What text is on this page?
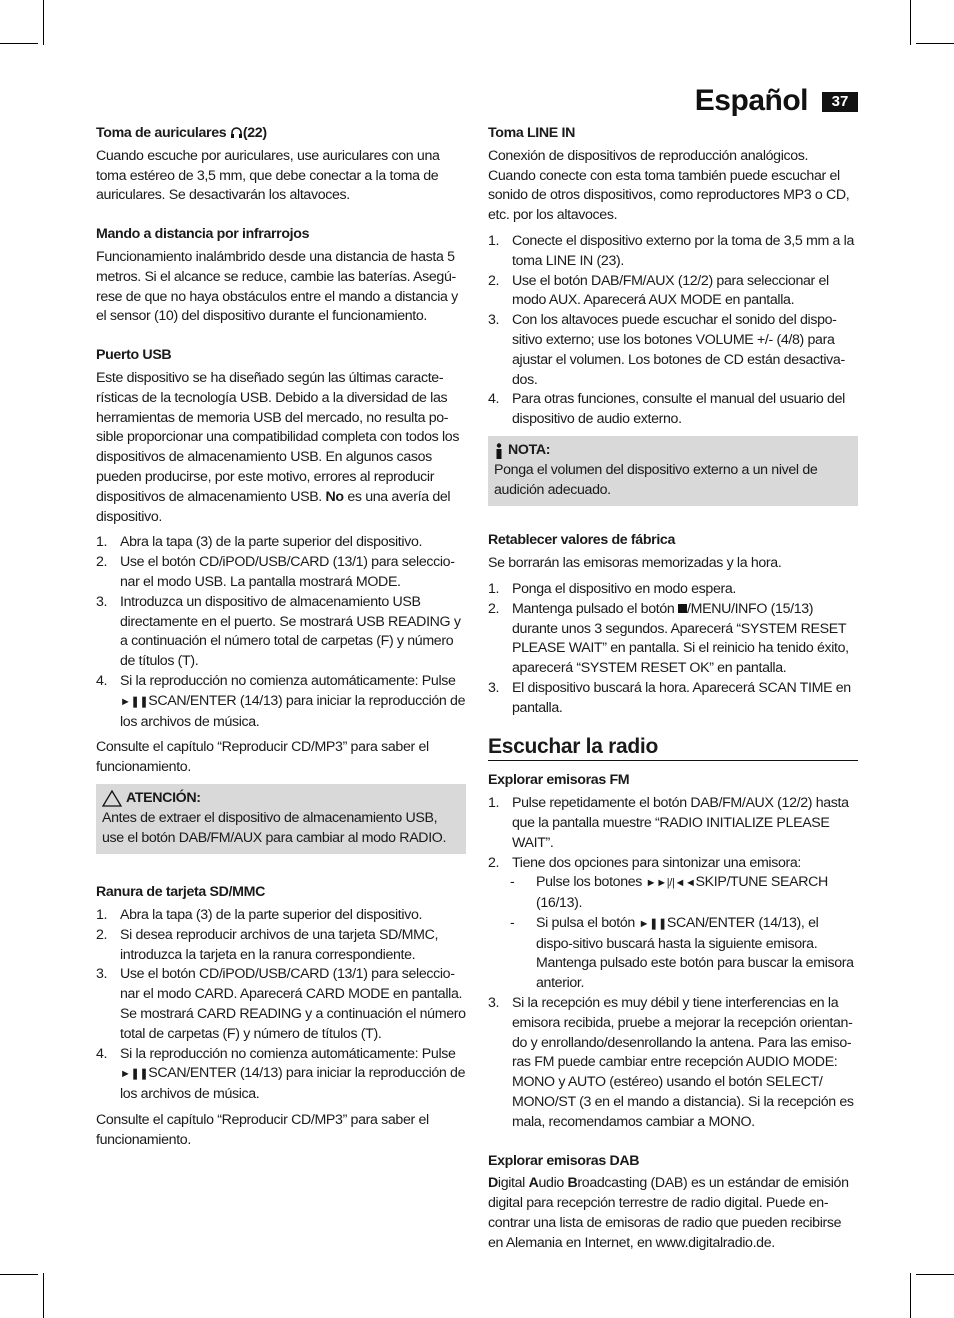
Español	37
Toma de auriculares (22)

Cuando escuche por auriculares, use auriculares con una toma estéreo de 3,5 mm, que debe conectar a la toma de auriculares. Se desactivarán los altavoces.

Mando a distancia por infrarrojos

Funcionamiento inalámbrido desde una distancia de hasta 5 metros. Si el alcance se reduce, cambie las baterías. Asegú-rese de que no haya obstáculos entre el mando a distancia y el sensor (10) del dispositivo durante el funcionamiento.

Puerto USB

Este dispositivo se ha diseñado según las últimas caracte-rísticas de la tecnología USB. Debido a la diversidad de las herramientas de memoria USB del mercado, no resulta po-sible proporcionar una compatibilidad completa con todos los dispositivos de almacenamiento USB. En algunos casos pueden producirse, por este motivo, errores al reproducir dispositivos de almacenamiento USB. No es una avería del dispositivo.

1. Abra la tapa (3) de la parte superior del dispositivo.
2. Use el botón CD/iPOD/USB/CARD (13/1) para seleccio-nar el modo USB. La pantalla mostrará MODE.
3. Introduzca un dispositivo de almacenamiento USB directamente en el puerto. Se mostrará USB READING y a continuación el número total de carpetas (F) y número de títulos (T).
4. Si la reproducción no comienza automáticamente: Pulse
►❚❚SCAN/ENTER (14/13) para iniciar la reproducción de los archivos de música.

Consulte el capítulo “Reproducir CD/MP3” para saber el funcionamiento.

ATENCIÓN:

Antes de extraer el dispositivo de almacenamiento USB, use el botón DAB/FM/AUX para cambiar al modo RADIO.

Ranura de tarjeta SD/MMC
1. Abra la tapa (3) de la parte superior del dispositivo.
2. Si desea reproducir archivos de una tarjeta SD/MMC, introduzca la tarjeta en la ranura correspondiente.
3. Use el botón CD/iPOD/USB/CARD (13/1) para seleccio-nar el modo CARD. Aparecerá CARD MODE en pantalla. Se mostrará CARD READING y a continuación el número total de carpetas (F) y número de títulos (T).
4. Si la reproducción no comienza automáticamente: Pulse
►❚❚SCAN/ENTER (14/13) para iniciar la reproducción de los archivos de música.

Consulte el capítulo “Reproducir CD/MP3” para saber el funcionamiento.

Toma LINE IN

Conexión de dispositivos de reproducción analógicos. Cuando conecte con esta toma también puede escuchar el sonido de otros dispositivos, como reproductores MP3 o CD, etc. por los altavoces.

1. Conecte el dispositivo externo por la toma de 3,5 mm a la toma LINE IN (23).
2. Use el botón DAB/FM/AUX (12/2) para seleccionar el modo AUX. Aparecerá AUX MODE en pantalla.
3. Con los altavoces puede escuchar el sonido del dispo-sitivo externo; use los botones VOLUME +/- (4/8) para ajustar el volumen. Los botones de CD están desactiva-dos.
4. Para otras funciones, consulte el manual del usuario del dispositivo de audio externo.
NOTA:

Ponga el volumen del dispositivo externo a un nivel de audición adecuado.

Retablecer valores de fábrica

Se borrarán las emisoras memorizadas y la hora.

1. Ponga el dispositivo en modo espera.
2. Mantenga pulsado el botón /MENU/INFO (15/13) durante unos 3 segundos. Aparecerá “SYSTEM RESET PLEASE WAIT” en pantalla. Si el reinicio ha tenido éxito, aparecerá “SYSTEM RESET OK” en pantalla.
3. El dispositivo buscará la hora. Aparecerá SCAN TIME en pantalla.
Escuchar la radio
Explorar emisoras FM
1. Pulse repetidamente el botón DAB/FM/AUX (12/2) hasta que la pantalla muestre “RADIO INITIALIZE PLEASE WAIT”.
2. Tiene dos opciones para sintonizar una emisora:
- Pulse los botones ►►|/|◄◄SKIP/TUNE SEARCH (16/13).
- Si pulsa el botón ►❚❚SCAN/ENTER (14/13), el dispo-sitivo buscará hasta la siguiente emisora. Mantenga pulsado este botón para buscar la emisora anterior.
3. Si la recepción es muy débil y tiene interferencias en la emisora recibida, pruebe a mejorar la recepción orientan-do y enrollando/desenrollando la antena. Para las emiso-ras FM puede cambiar entre recepción AUDIO MODE: MONO y AUTO (estéreo) usando el botón SELECT/ MONO/ST (3 en el mando a distancia). Si la recepción es mala, recomendamos cambiar a MONO.
Explorar emisoras DAB

Digital Audio Broadcasting (DAB) es un estándar de emisión digital para recepción terrestre de radio digital. Puede en-contrar una lista de emisoras de radio que pueden recibirse en Alemania en Internet, en www.digitalradio.de.
